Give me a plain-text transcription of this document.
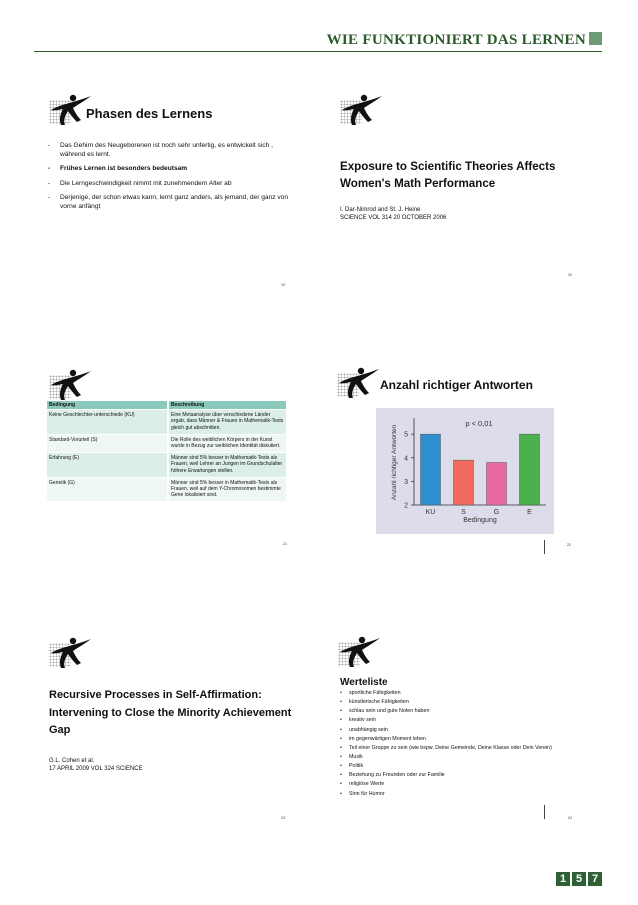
WIE FUNKTIONIERT DAS LERNEN
Phasen des Lernens
- Das Gehirn des Neugeborenen ist noch sehr unfertig, es entwickelt sich , während es lernt.
- Frühes Lernen ist besonders bedeutsam
- Die Lerngeschwindigkeit nimmt mit zunehmendem Alter ab
- Derjenige, der schon etwas kann, lernt ganz anders, als jemand, der ganz von vorne anfängt
19
Exposure to Scientific Theories Affects Women's Math Performance
I. Dar-Nimrod and St. J. Heine
SCIENCE VOL 314 20 OCTOBER 2006
20
Bedingung	Beschreibung
Keine Geschlechter-unterschiede (KU)	Eine Metaanalyse über verschiedene Länder ergab, dass Männer & Frauen in Mathematik-Tests gleich gut abschnitten.
Standard-Vorurteil (S)	Die Rolle des weiblichen Körpers in der Kunst wurde in Bezug zur weiblichen Identität diskutiert.
Erfahrung (E)	Männer sind 5% besser in Mathematik-Tests als Frauen, weil Lehrer an Jungen im Grundschulalter höhere Erwartungen stellen.
Genetik (G)	Männer sind 5% besser in Mathematik-Tests als Frauen, weil auf dem Y-Chromosomen bestimmte Gene lokalisiert sind.
21
Anzahl richtiger Antworten
2
3
4
5
KU	S	G	E
Bedingung
Anzahl richtiger Antworten
p < 0,01
22
Recursive Processes in Self-Affirmation: Intervening to Close the Minority Achievement Gap
G.L. Cohen et al.
17 APRIL 2009 VOL 324 SCIENCE
23
Werteliste
• sportliche Fähigkeiten
• künstlerische Fähigkeiten
• schlau sein und gute Noten haben
• kreativ sein
• unabhängig sein
• im gegenwärtigen Moment leben
• Teil einer Gruppe zu sein (wie bspw. Deine Gemeinde, Deine Klasse oder Dein Verein)
• Musik
• Politik
• Beziehung zu Freunden oder zur Familie
• religiöse Werte
• Sinn für Humor
24
1 5 7
